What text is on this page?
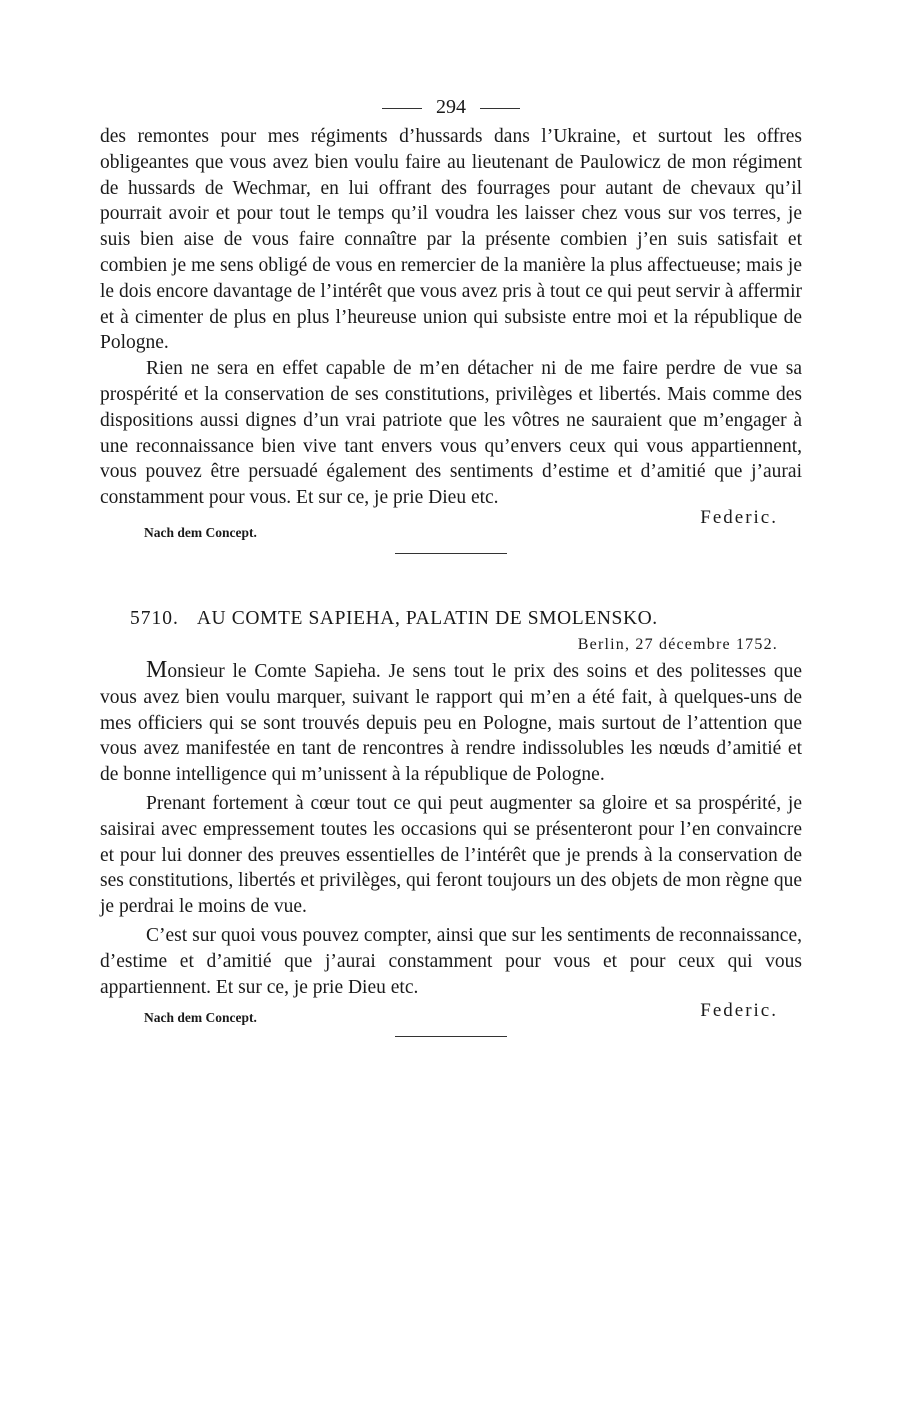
294

des remontes pour mes régiments d’hussards dans l’Ukraine, et surtout les offres obligeantes que vous avez bien voulu faire au lieutenant de Paulowicz de mon régiment de hussards de Wechmar, en lui offrant des fourrages pour autant de chevaux qu’il pourrait avoir et pour tout le temps qu’il voudra les laisser chez vous sur vos terres, je suis bien aise de vous faire connaître par la présente combien j’en suis satisfait et combien je me sens obligé de vous en remercier de la manière la plus affectueuse; mais je le dois encore davantage de l’intérêt que vous avez pris à tout ce qui peut servir à affermir et à cimenter de plus en plus l’heureuse union qui subsiste entre moi et la république de Pologne.

Rien ne sera en effet capable de m’en détacher ni de me faire perdre de vue sa prospérité et la conservation de ses constitutions, privilèges et libertés. Mais comme des dispositions aussi dignes d’un vrai patriote que les vôtres ne sauraient que m’engager à une reconnaissance bien vive tant envers vous qu’envers ceux qui vous appartiennent, vous pouvez être persuadé également des sentiments d’estime et d’amitié que j’aurai constamment pour vous. Et sur ce, je prie Dieu etc.

Nach dem Concept.
Federic.
5710. AU COMTE SAPIEHA, PALATIN DE SMOLENSKO.
Berlin, 27 décembre 1752.

Monsieur le Comte Sapieha. Je sens tout le prix des soins et des politesses que vous avez bien voulu marquer, suivant le rapport qui m’en a été fait, à quelques-uns de mes officiers qui se sont trouvés depuis peu en Pologne, mais surtout de l’attention que vous avez manifestée en tant de rencontres à rendre indissolubles les nœuds d’amitié et de bonne intelligence qui m’unissent à la république de Pologne.

Prenant fortement à cœur tout ce qui peut augmenter sa gloire et sa prospérité, je saisirai avec empressement toutes les occasions qui se présenteront pour l’en convaincre et pour lui donner des preuves essentielles de l’intérêt que je prends à la conservation de ses constitutions, libertés et privilèges, qui feront toujours un des objets de mon règne que je perdrai le moins de vue.

C’est sur quoi vous pouvez compter, ainsi que sur les sentiments de reconnaissance, d’estime et d’amitié que j’aurai constamment pour vous et pour ceux qui vous appartiennent. Et sur ce, je prie Dieu etc.

Nach dem Concept.	Federic.
